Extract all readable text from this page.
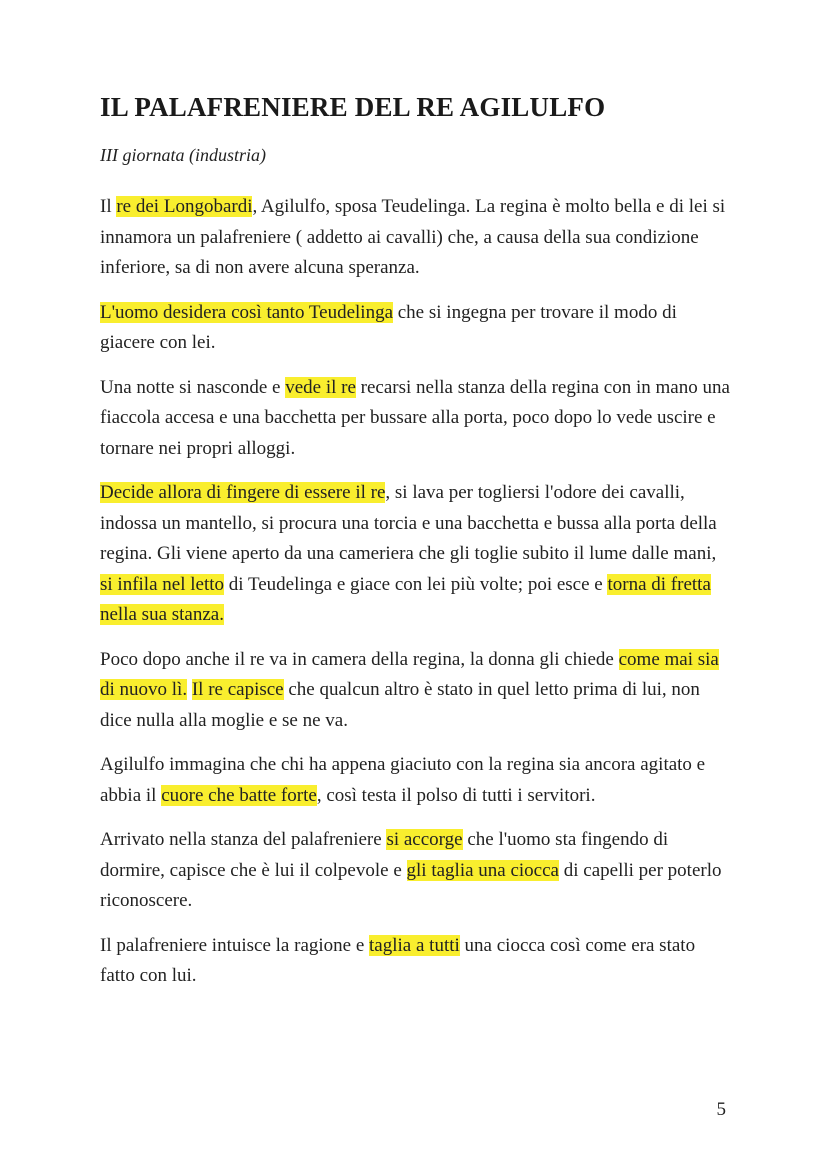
IL PALAFRENIERE DEL RE AGILULFO

III giornata (industria)

Il re dei Longobardi, Agilulfo, sposa Teudelinga. La regina è molto bella e di lei si innamora un palafreniere ( addetto ai cavalli) che, a causa della sua condizione inferiore, sa di non avere alcuna speranza.

L'uomo desidera così tanto Teudelinga che si ingegna per trovare il modo di giacere con lei.

Una notte si nasconde e vede il re recarsi nella stanza della regina con in mano una fiaccola accesa e una bacchetta per bussare alla porta, poco dopo lo vede uscire e tornare nei propri alloggi.

Decide allora di fingere di essere il re, si lava per togliersi l'odore dei cavalli, indossa un mantello, si procura una torcia e una bacchetta e bussa alla porta della regina. Gli viene aperto da una cameriera che gli toglie subito il lume dalle mani, si infila nel letto di Teudelinga e giace con lei più volte; poi esce e torna di fretta nella sua stanza.

Poco dopo anche il re va in camera della regina, la donna gli chiede come mai sia di nuovo lì. Il re capisce che qualcun altro è stato in quel letto prima di lui, non dice nulla alla moglie e se ne va.

Agilulfo immagina che chi ha appena giaciuto con la regina sia ancora agitato e abbia il cuore che batte forte, così testa il polso di tutti i servitori.

Arrivato nella stanza del palafreniere si accorge che l'uomo sta fingendo di dormire, capisce che è lui il colpevole e gli taglia una ciocca di capelli per poterlo riconoscere.

Il palafreniere intuisce la ragione e taglia a tutti una ciocca così come era stato fatto con lui.

5
